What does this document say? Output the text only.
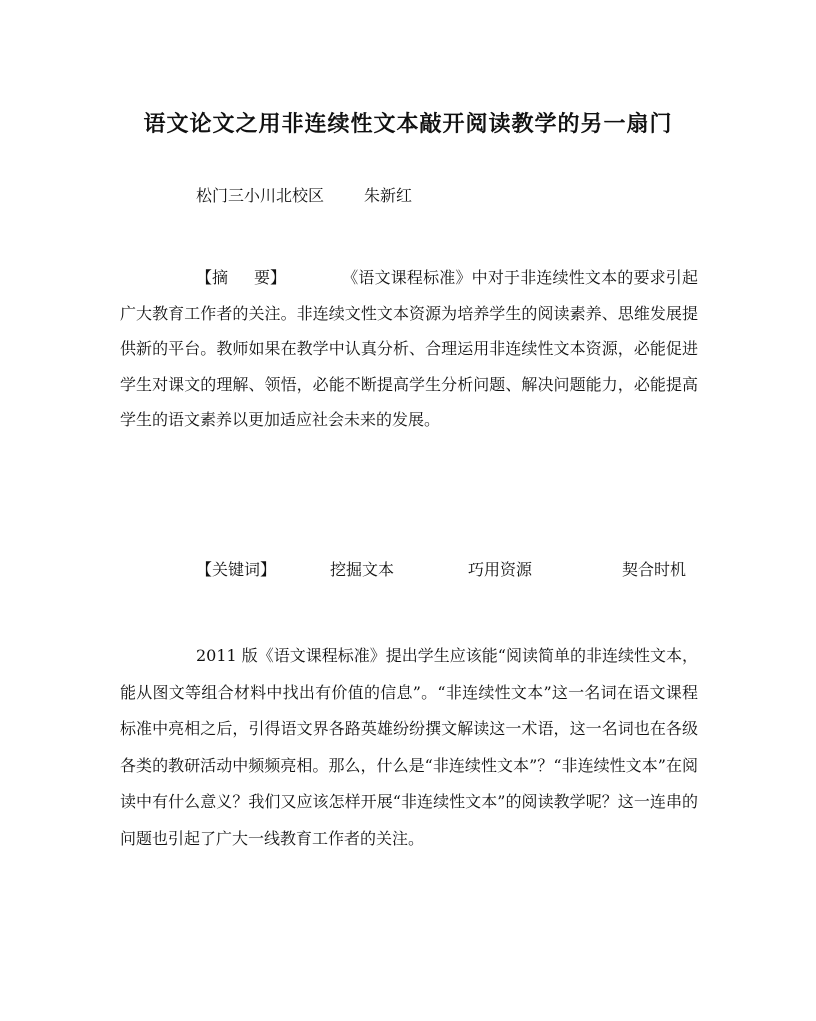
语文论文之用非连续性文本敲开阅读教学的另一扇门
松门三小川北校区	朱新红

【摘 要】	《语文课程标准》中对于非连续性文本的要求引起广大教育工作者的关注。非连续文性文本资源为培养学生的阅读素养、思维发展提供新的平台。教师如果在教学中认真分析、合理运用非连续性文本资源，必能促进学生对课文的理解、领悟，必能不断提高学生分析问题、解决问题能力，必能提高学生的语文素养以更加适应社会未来的发展。

【关键词】	挖掘文本	巧用资源	契合时机

2011 版《语文课程标准》提出学生应该能“阅读简单的非连续性文本，能从图文等组合材料中找出有价值的信息”。“非连续性文本”这一名词在语文课程标准中亮相之后，引得语文界各路英雄纷纷撰文解读这一术语，这一名词也在各级各类的教研活动中频频亮相。那么，什么是“非连续性文本”？“非连续性文本”在阅读中有什么意义？我们又应该怎样开展“非连续性文本”的阅读教学呢？这一连串的问题也引起了广大一线教育工作者的关注。
